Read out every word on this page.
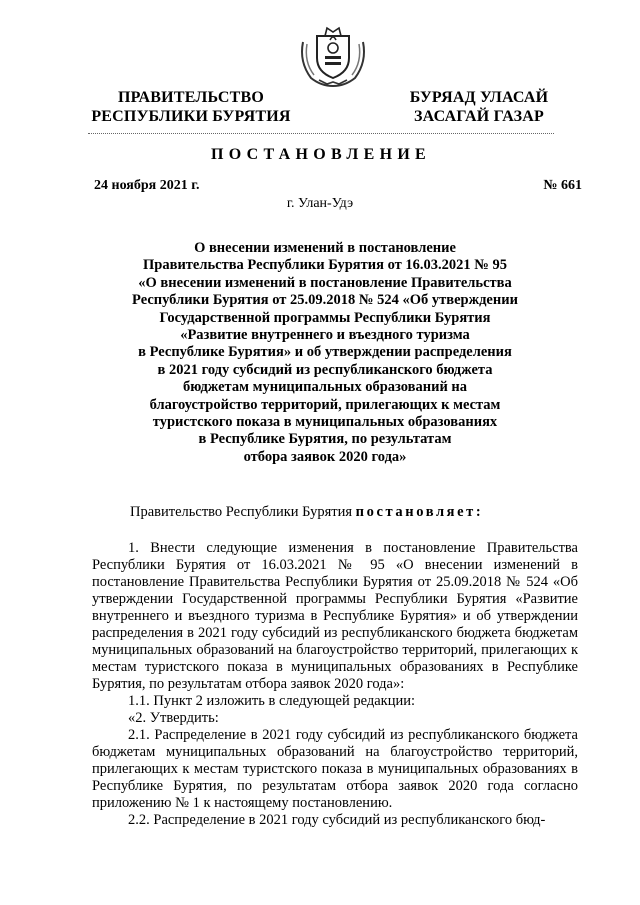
ПРАВИТЕЛЬСТВО
РЕСПУБЛИКИ БУРЯТИЯ
БУРЯАД УЛАСАЙ
ЗАСАГАЙ ГАЗАР
ПОСТАНОВЛЕНИЕ
24 ноября 2021 г.	№ 661
г. Улан-Удэ
О внесении изменений в постановление
Правительства Республики Бурятия от 16.03.2021 № 95
«О внесении изменений в постановление Правительства
Республики Бурятия от 25.09.2018 № 524 «Об утверждении
Государственной программы Республики Бурятия
«Развитие внутреннего и въездного туризма
в Республике Бурятия» и об утверждении распределения
в 2021 году субсидий из республиканского бюджета
бюджетам муниципальных образований на
благоустройство территорий, прилегающих к местам
туристского показа в муниципальных образованиях
в Республике Бурятия, по результатам
отбора заявок 2020 года»
Правительство Республики Бурятия постановляет:

1. Внести следующие изменения в постановление Правительства Республики Бурятия от 16.03.2021 № 95 «О внесении изменений в постановление Правительства Республики Бурятия от 25.09.2018 № 524 «Об утверждении Государственной программы Республики Бурятия «Развитие внутреннего и въездного туризма в Республике Бурятия» и об утверждении распределения в 2021 году субсидий из республиканского бюджета бюджетам муниципальных образований на благоустройство территорий, прилегающих к местам туристского показа в муниципальных образованиях в Республике Бурятия, по результатам отбора заявок 2020 года»:

1.1. Пункт 2 изложить в следующей редакции:

«2. Утвердить:

2.1. Распределение в 2021 году субсидий из республиканского бюджета бюджетам муниципальных образований на благоустройство территорий, прилегающих к местам туристского показа в муниципальных образованиях в Республике Бурятия, по результатам отбора заявок 2020 года согласно приложению № 1 к настоящему постановлению.

2.2. Распределение в 2021 году субсидий из республиканского бюд-
